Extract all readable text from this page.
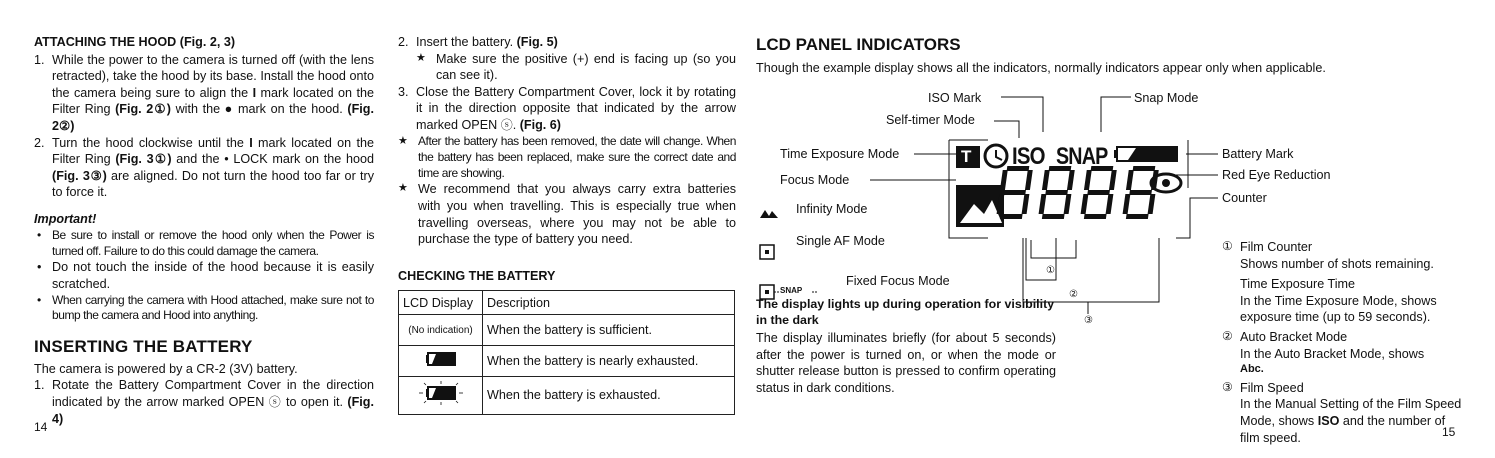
ATTACHING THE HOOD (Fig. 2, 3)
1. While the power to the camera is turned off (with the lens retracted), take the hood by its base. Install the hood onto the camera being sure to align the I mark located on the Filter Ring (Fig. 2①) with the ● mark on the hood. (Fig. 2②)
2. Turn the hood clockwise until the I mark located on the Filter Ring (Fig. 3①) and the • LOCK mark on the hood (Fig. 3③) are aligned. Do not turn the hood too far or try to force it.
Important!
• Be sure to install or remove the hood only when the Power is turned off. Failure to do this could damage the camera.
• Do not touch the inside of the hood because it is easily scratched.
• When carrying the camera with Hood attached, make sure not to bump the camera and Hood into anything.
INSERTING THE BATTERY
The camera is powered by a CR-2 (3V) battery.
1. Rotate the Battery Compartment Cover in the direction indicated by the arrow marked OPEN ⓢ to open it. (Fig. 4)
14
2. Insert the battery. (Fig. 5)
★ Make sure the positive (+) end is facing up (so you can see it).
3. Close the Battery Compartment Cover, lock it by rotating it in the direction opposite that indicated by the arrow marked OPEN ⓢ. (Fig. 6)
★ After the battery has been removed, the date will change. When the battery has been replaced, make sure the correct date and time are showing.
★ We recommend that you always carry extra batteries with you when travelling. This is especially true when travelling overseas, where you may not be able to purchase the type of battery you need.
CHECKING THE BATTERY
LCD Display	Description
(No indication)	When the battery is sufficient.
	When the battery is nearly exhausted.
	When the battery is exhausted.
LCD PANEL INDICATORS
Though the example display shows all the indicators, normally indicators appear only when applicable.
ISO Mark	Snap Mode
Self-timer Mode
Time Exposure Mode
Focus Mode
Infinity Mode
Single AF Mode
Fixed Focus Mode
Battery Mark
Red Eye Reduction
Counter
T ISO SNAP
SNAP
①
②
③
The display lights up during operation for visibility in the dark
The display illuminates briefly (for about 5 seconds) after the power is turned on, or when the mode or shutter release button is pressed to confirm operating status in dark conditions.
① Film Counter
Shows number of shots remaining.
Time Exposure Time
In the Time Exposure Mode, shows exposure time (up to 59 seconds).
② Auto Bracket Mode
In the Auto Bracket Mode, shows
Abc.
③ Film Speed
In the Manual Setting of the Film Speed Mode, shows ISO and the number of film speed.	15
